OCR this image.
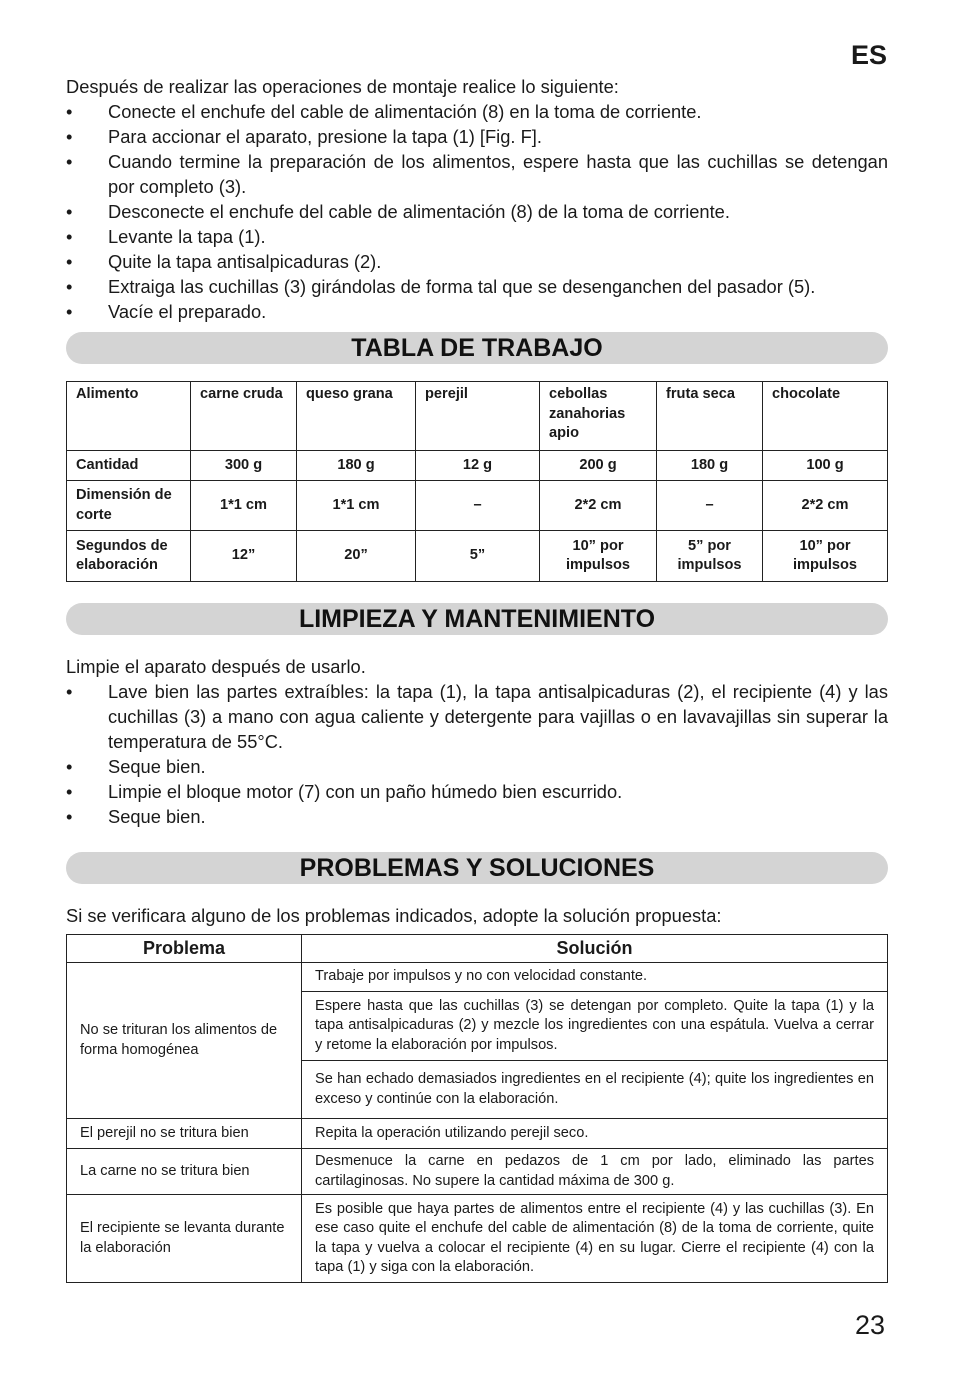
ES

Después de realizar las operaciones de montaje realice lo siguiente:

• Conecte el enchufe del cable de alimentación (8) en la toma de corriente.
• Para accionar el aparato, presione la tapa (1) [Fig. F].
• Cuando termine la preparación de los alimentos, espere hasta que las cuchillas se detengan por completo (3).
• Desconecte el enchufe del cable de alimentación (8) de la toma de corriente.
• Levante la tapa (1).
• Quite la tapa antisalpicaduras (2).
• Extraiga las cuchillas (3) girándolas de forma tal que se desenganchen del pasador (5).
• Vacíe el preparado.
TABLA DE TRABAJO
Alimento	carne cruda	queso grana	perejil	cebollas zanahorias apio	fruta seca	chocolate
Cantidad	300 g	180 g	12 g	200 g	180 g	100 g
Dimensión de corte	1*1 cm	1*1 cm	–	2*2 cm	–	2*2 cm
Segundos de elaboración	12”	20”	5”	10” por impulsos	5” por impulsos	10” por impulsos
LIMPIEZA Y MANTENIMIENTO

Limpie el aparato después de usarlo.

• Lave bien las partes extraíbles: la tapa (1), la tapa antisalpicaduras (2), el recipiente (4) y las cuchillas (3) a mano con agua caliente y detergente para vajillas o en lavavajillas sin superar la temperatura de 55°C.
• Seque bien.
• Limpie el bloque motor (7) con un paño húmedo bien escurrido.
• Seque bien.
PROBLEMAS Y SOLUCIONES

Si se verificara alguno de los problemas indicados, adopte la solución propuesta:

Problema	Solución
No se trituran los alimentos de forma homogénea	Trabaje por impulsos y no con velocidad constante.
	Espere hasta que las cuchillas (3) se detengan por completo. Quite la tapa (1) y la tapa antisalpicaduras (2) y mezcle los ingredientes con una espátula. Vuelva a cerrar y retome la elaboración por impulsos.
	Se han echado demasiados ingredientes en el recipiente (4); quite los ingredientes en exceso y continúe con la elaboración.
El perejil no se tritura bien	Repita la operación utilizando perejil seco.
La carne no se tritura bien	Desmenuce la carne en pedazos de 1 cm por lado, eliminado las partes cartilaginosas. No supere la cantidad máxima de 300 g.
El recipiente se levanta durante la elaboración	Es posible que haya partes de alimentos entre el recipiente (4) y las cuchillas (3). En ese caso quite el enchufe del cable de alimentación (8) de la toma de corriente, quite la tapa y vuelva a colocar el recipiente (4) en su lugar. Cierre el recipiente (4) con la tapa (1) y siga con la elaboración.
23
